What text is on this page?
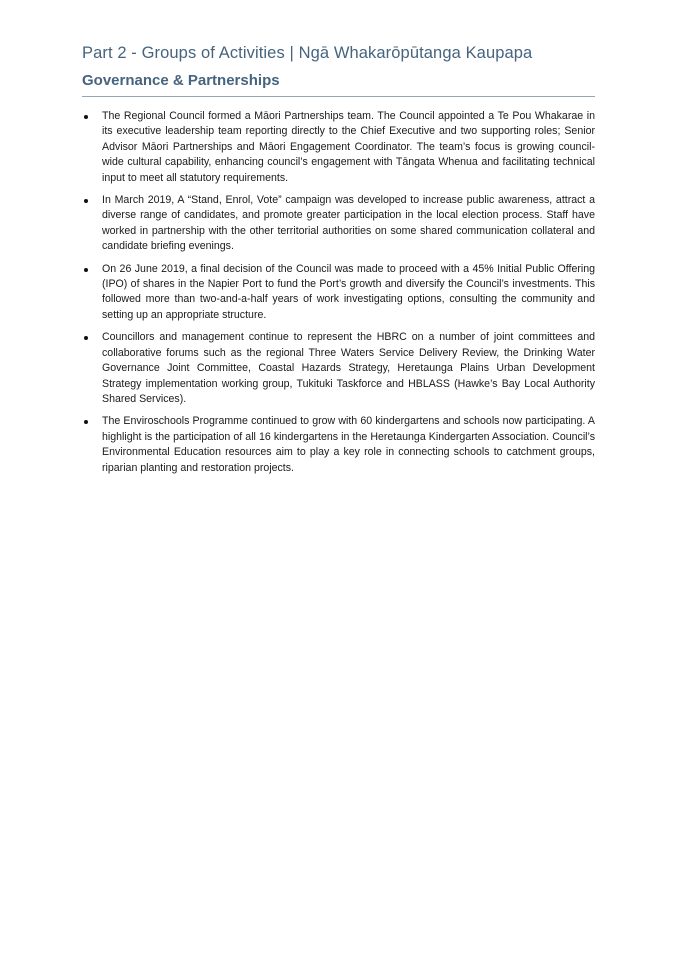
Part 2 - Groups of Activities | Ngā Whakarōpūtanga Kaupapa
Governance & Partnerships
The Regional Council formed a Māori Partnerships team. The Council appointed a Te Pou Whakarae in its executive leadership team reporting directly to the Chief Executive and two supporting roles; Senior Advisor Māori Partnerships and Māori Engagement Coordinator. The team’s focus is growing council-wide cultural capability, enhancing council’s engagement with Tāngata Whenua and facilitating technical input to meet all statutory requirements.
In March 2019, A “Stand, Enrol, Vote” campaign was developed to increase public awareness, attract a diverse range of candidates, and promote greater participation in the local election process. Staff have worked in partnership with the other territorial authorities on some shared communication collateral and candidate briefing evenings.
On 26 June 2019, a final decision of the Council was made to proceed with a 45% Initial Public Offering (IPO) of shares in the Napier Port to fund the Port’s growth and diversify the Council’s investments. This followed more than two-and-a-half years of work investigating options, consulting the community and setting up an appropriate structure.
Councillors and management continue to represent the HBRC on a number of joint committees and collaborative forums such as the regional Three Waters Service Delivery Review, the Drinking Water Governance Joint Committee, Coastal Hazards Strategy, Heretaunga Plains Urban Development Strategy implementation working group, Tukituki Taskforce and HBLASS (Hawke’s Bay Local Authority Shared Services).
The Enviroschools Programme continued to grow with 60 kindergartens and schools now participating. A highlight is the participation of all 16 kindergartens in the Heretaunga Kindergarten Association. Council’s Environmental Education resources aim to play a key role in connecting schools to catchment groups, riparian planting and restoration projects.
